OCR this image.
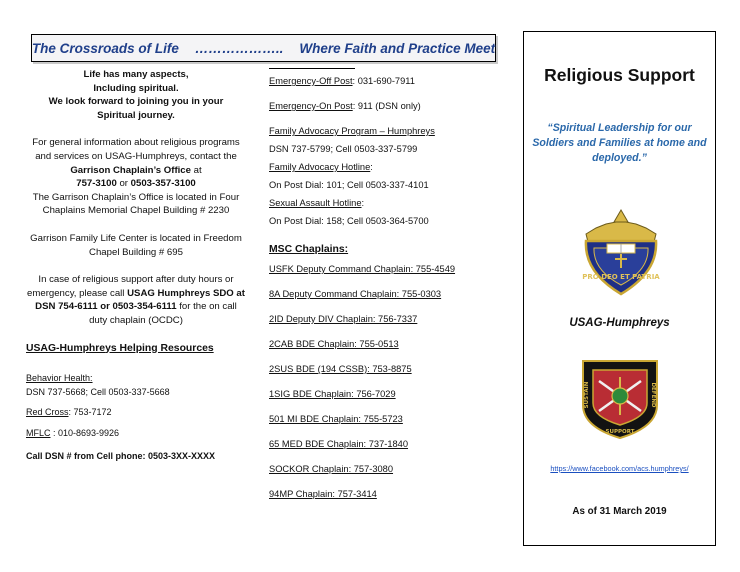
The Crossroads of Life ……………….. Where Faith and Practice Meet
Life has many aspects,
Including spiritual.
We look forward to joining you in your
Spiritual journey.
For general information about religious programs and services on USAG-Humphreys, contact the
Garrison Chaplain’s Office at
757-3100 or 0503-357-3100
The Garrison Chaplain’s Office is located in Four Chaplains Memorial Chapel Building # 2230
Garrison Family Life Center is located in Freedom Chapel Building # 695
In case of religious support after duty hours or emergency, please call USAG Humphreys SDO at DSN 754-6111 or 0503-354-6111 for the on call duty chaplain (OCDC)
USAG-Humphreys Helping Resources
Behavior Health:
DSN 737-5668; Cell 0503-337-5668
Red Cross: 753-7172
MFLC : 010-8693-9926
Call DSN # from Cell phone: 0503-3XX-XXXX
Emergency-Off Post: 031-690-7911
Emergency-On Post: 911 (DSN only)
Family Advocacy Program – Humphreys
DSN 737-5799; Cell 0503-337-5799
Family Advocacy Hotline:
On Post Dial: 101; Cell 0503-337-4101
Sexual Assault Hotline:
On Post Dial: 158; Cell 0503-364-5700
MSC Chaplains:
USFK Deputy Command Chaplain: 755-4549
8A Deputy Command Chaplain: 755-0303
2ID Deputy DIV Chaplain: 756-7337
2CAB BDE Chaplain: 755-0513
2SUS BDE (194 CSSB): 753-8875
1SIG BDE Chaplain: 756-7029
501 MI BDE Chaplain: 755-5723
65 MED BDE Chaplain: 737-1840
SOCKOR Chaplain: 757-3080
94MP Chaplain: 757-3414
Religious Support
“Spiritual Leadership for our Soldiers and Families at home and deployed.”
PRO DEO ET PATRIA
USAG-Humphreys
SUSTAIN
SUPPORT
DEFEND
https://www.facebook.com/acs.humphreys/
As of 31 March 2019
